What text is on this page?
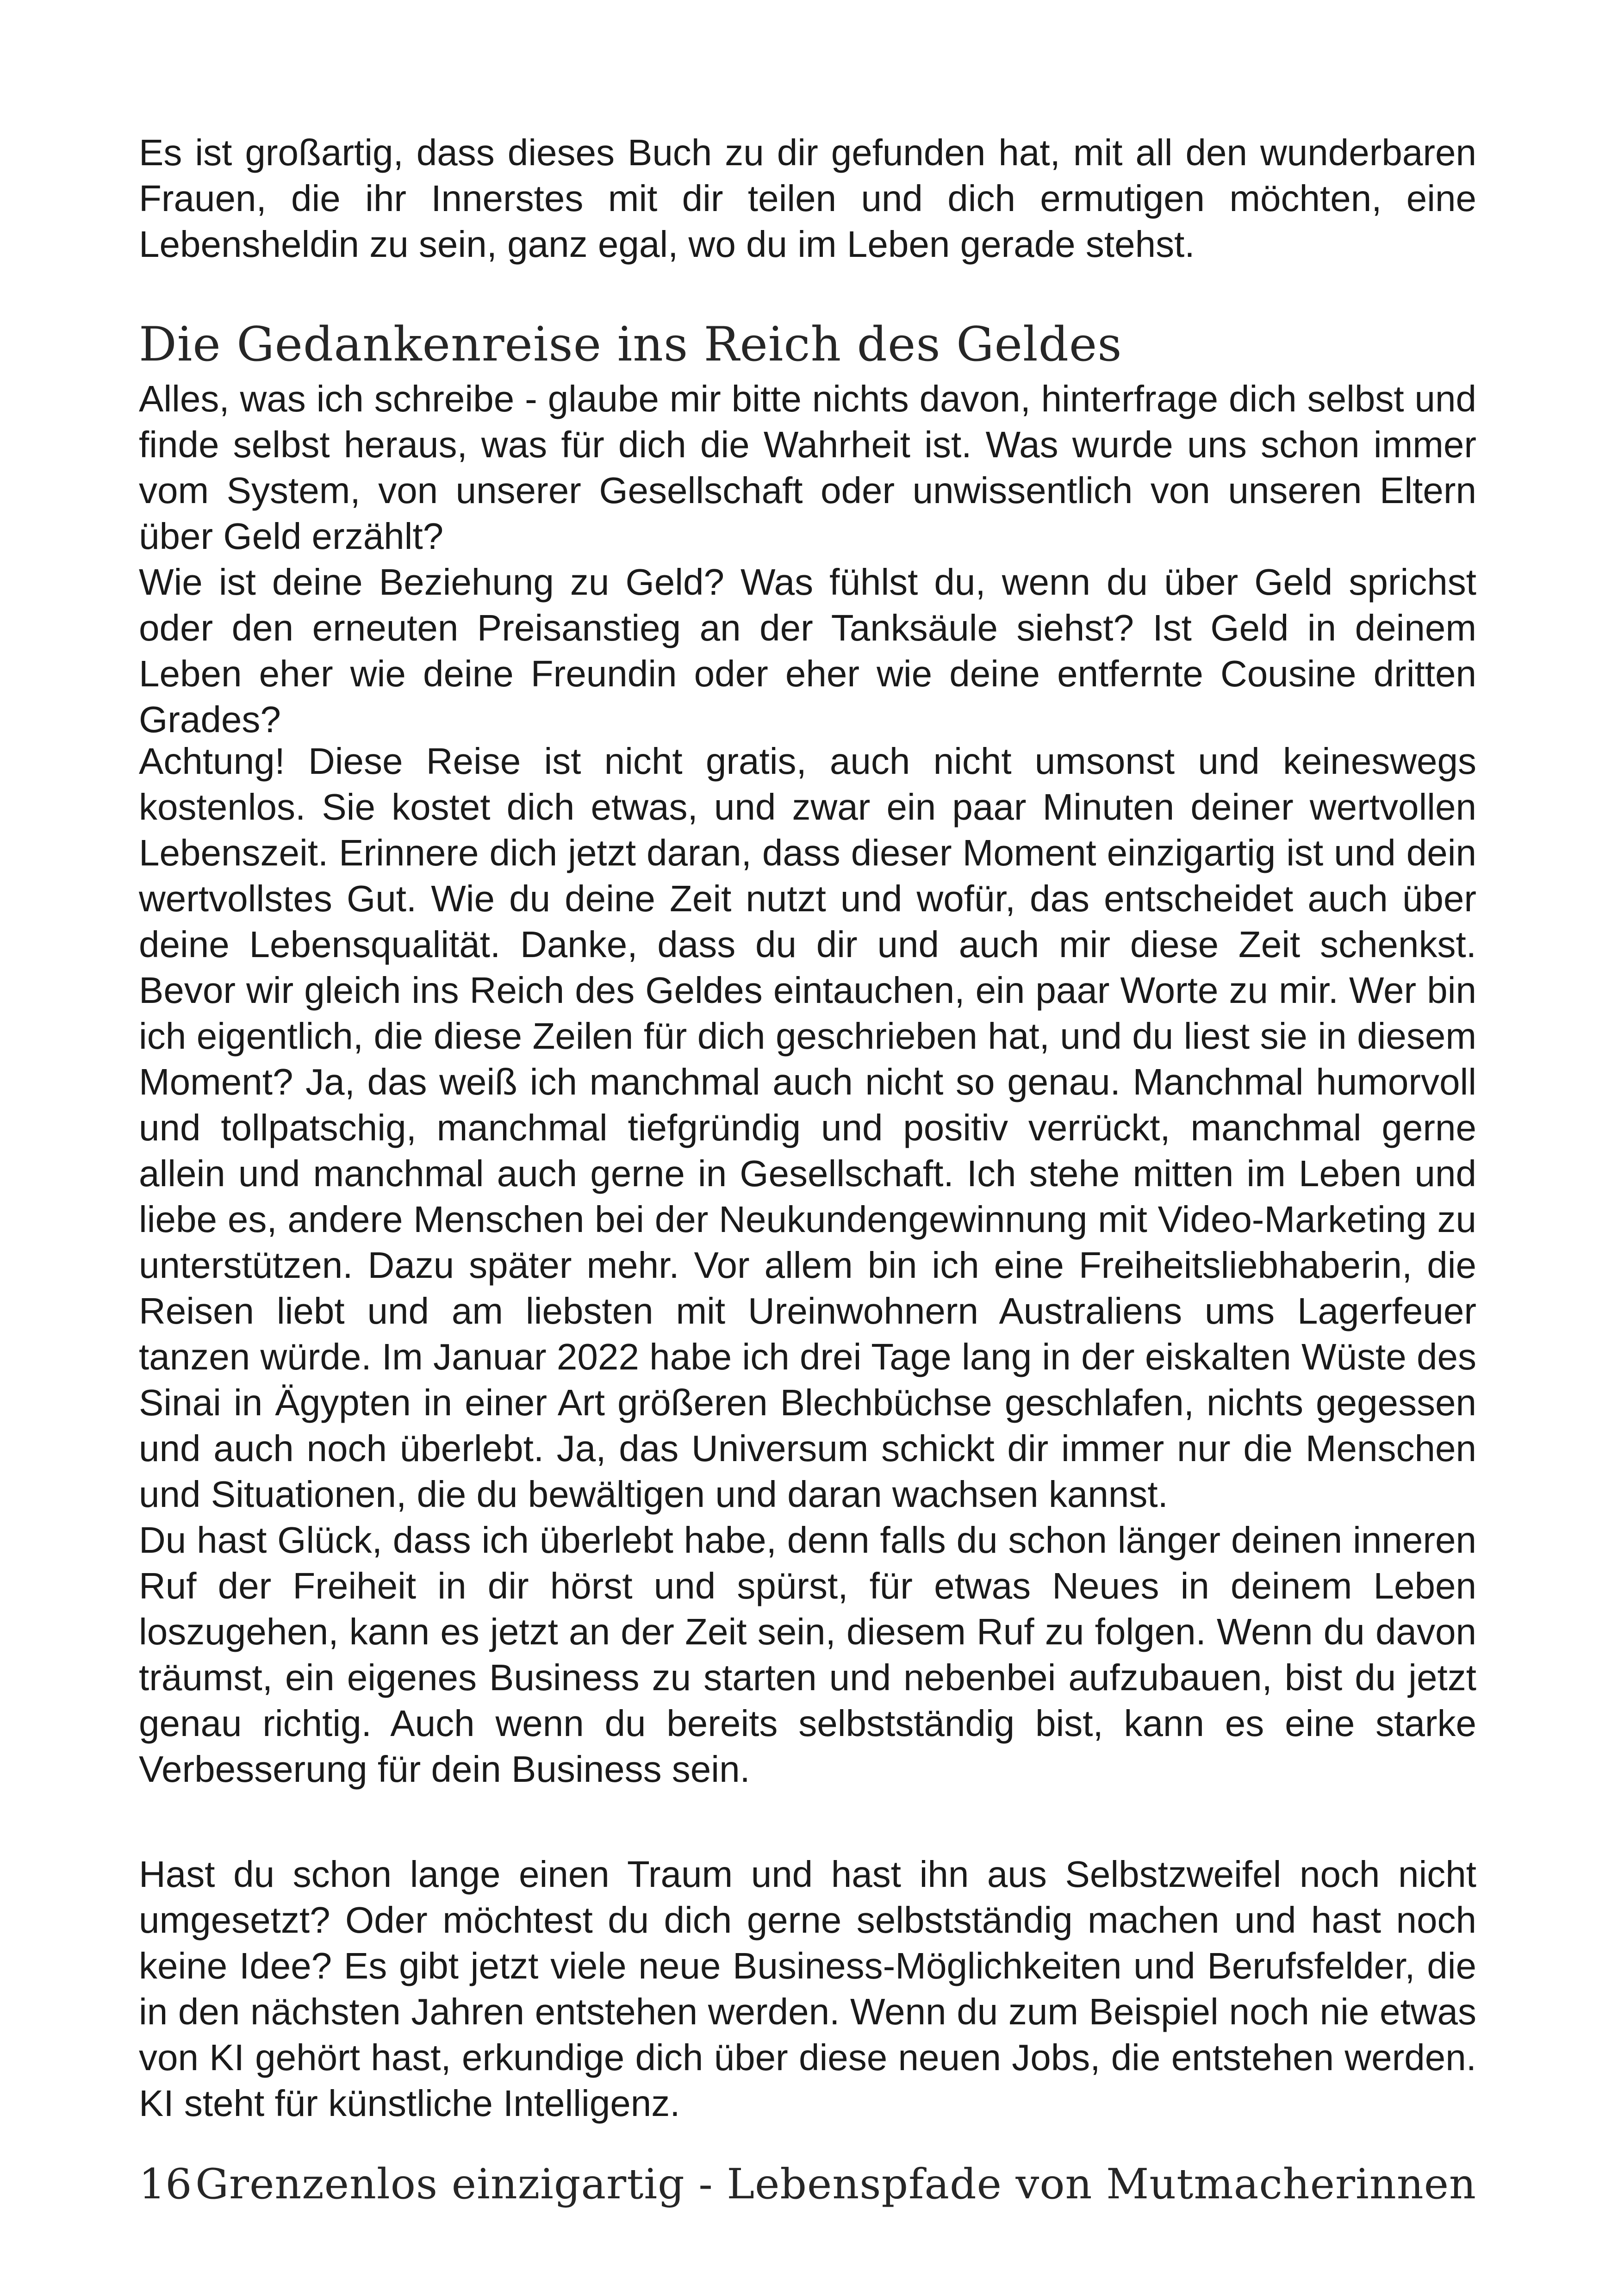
Es ist großartig, dass dieses Buch zu dir gefunden hat, mit all den wunderbaren Frauen, die ihr Innerstes mit dir teilen und dich ermutigen möchten, eine Lebensheldin zu sein, ganz egal, wo du im Leben gerade stehst.

Die Gedankenreise ins Reich des Geldes

Alles, was ich schreibe - glaube mir bitte nichts davon, hinterfrage dich selbst und finde selbst heraus, was für dich die Wahrheit ist. Was wurde uns schon immer vom System, von unserer Gesellschaft oder unwissentlich von unseren Eltern über Geld erzählt?

Wie ist deine Beziehung zu Geld? Was fühlst du, wenn du über Geld sprichst oder den erneuten Preisanstieg an der Tanksäule siehst? Ist Geld in deinem Leben eher wie deine Freundin oder eher wie deine entfernte Cousine dritten Grades?

Achtung! Diese Reise ist nicht gratis, auch nicht umsonst und keineswegs kostenlos. Sie kostet dich etwas, und zwar ein paar Minuten deiner wertvollen Lebenszeit. Erinnere dich jetzt daran, dass dieser Moment einzigartig ist und dein wertvollstes Gut. Wie du deine Zeit nutzt und wofür, das entscheidet auch über deine Lebensqualität. Danke, dass du dir und auch mir diese Zeit schenkst. Bevor wir gleich ins Reich des Geldes eintauchen, ein paar Worte zu mir. Wer bin ich eigentlich, die diese Zeilen für dich geschrieben hat, und du liest sie in diesem Moment? Ja, das weiß ich manchmal auch nicht so genau. Manchmal humorvoll und tollpatschig, manchmal tiefgründig und positiv verrückt, manchmal gerne allein und manchmal auch gerne in Gesellschaft. Ich stehe mitten im Leben und liebe es, andere Menschen bei der Neukundengewinnung mit Video-Marketing zu unterstützen. Dazu später mehr. Vor allem bin ich eine Freiheitsliebhaberin, die Reisen liebt und am liebsten mit Ureinwohnern Australiens ums Lagerfeuer tanzen würde. Im Januar 2022 habe ich drei Tage lang in der eiskalten Wüste des Sinai in Ägypten in einer Art größeren Blechbüchse geschlafen, nichts gegessen und auch noch überlebt. Ja, das Universum schickt dir immer nur die Menschen und Situationen, die du bewältigen und daran wachsen kannst.

Du hast Glück, dass ich überlebt habe, denn falls du schon länger deinen inneren Ruf der Freiheit in dir hörst und spürst, für etwas Neues in deinem Leben loszugehen, kann es jetzt an der Zeit sein, diesem Ruf zu folgen. Wenn du davon träumst, ein eigenes Business zu starten und nebenbei aufzubauen, bist du jetzt genau richtig. Auch wenn du bereits selbstständig bist, kann es eine starke Verbesserung für dein Business sein.

Hast du schon lange einen Traum und hast ihn aus Selbstzweifel noch nicht umgesetzt? Oder möchtest du dich gerne selbstständig machen und hast noch keine Idee? Es gibt jetzt viele neue Business-Möglichkeiten und Berufsfelder, die in den nächsten Jahren entstehen werden. Wenn du zum Beispiel noch nie etwas von KI gehört hast, erkundige dich über diese neuen Jobs, die entstehen werden. KI steht für künstliche Intelligenz.

16 Grenzenlos einzigartig - Lebenspfade von Mutmacherinnen
